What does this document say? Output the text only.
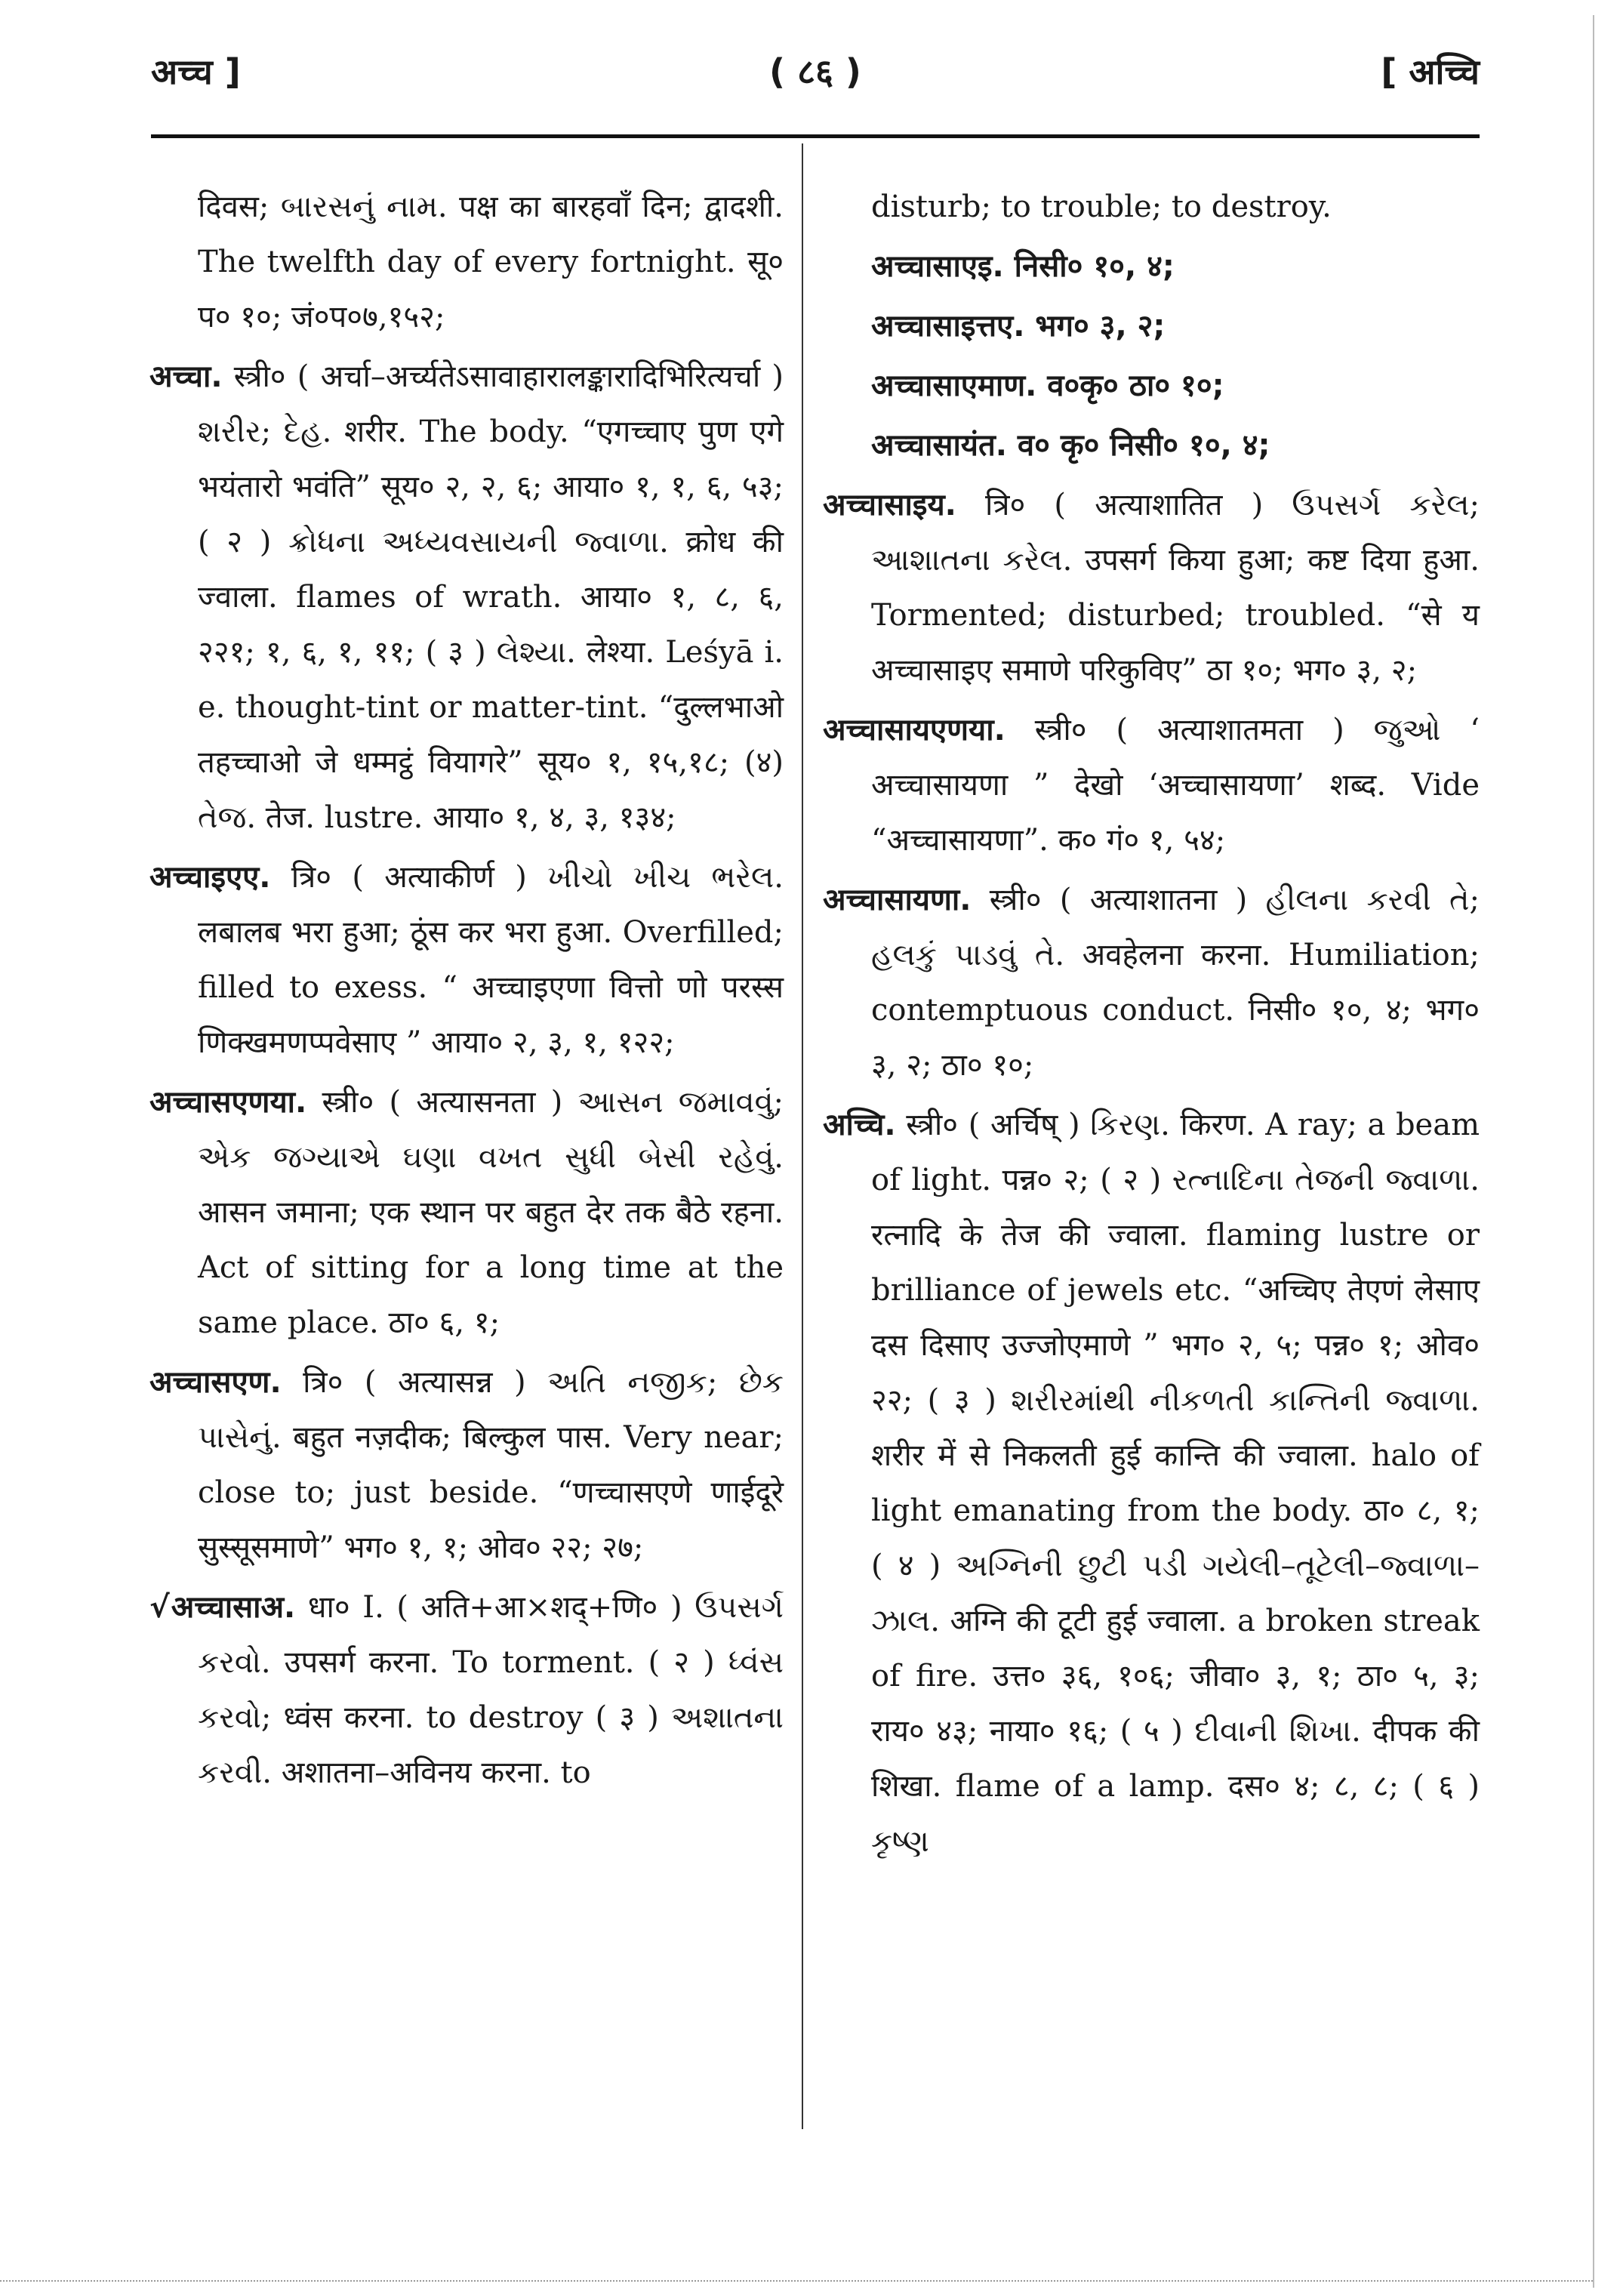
अच्च ]	( ८६ )	[ अच्चि

दिवस; બારસનું નામ. पक्ष का बारहवाँ दिन; द्वादशी. The twelfth day of every fortnight. सू० प० १०; जं०प०७,१५२;

अच्चा. स्त्री० ( अर्चा–अर्च्यतेऽसावाहारालङ्कारादिभिरित्यर्चा ) શરીર; દેહ. शरीर. The body. “एगच्चाए पुण एगे भयंतारो भवंति” सूय० २, २, ६; आया० १, १, ६, ५३; ( २ ) ક્રોધના અધ્યવસાયની જ્વાળા. क्रोध की ज्वाला. flames of wrath. आया० १, ८, ६, २२१; १, ६, १, ११; ( ३ ) લેશ્યા. लेश्या. Leśyā i. e. thought-tint or matter-tint. “दुल्लभाओ तहच्चाओ जे धम्मट्ठं वियागरे” सूय० १, १५,१८; (४) તેજ. तेज. lustre. आया० १, ४, ३, १३४;

अच्चाइएए. त्रि० ( अत्याकीर्ण ) ખીચો ખીચ ભરેલ. लबालब भरा हुआ; ठूंस कर भरा हुआ. Overfilled; filled to exess. “ अच्चाइएणा वित्तो णो परस्स णिक्खमणप्पवेसाए ” आया० २, ३, १, १२२;

अच्चासएणया. स्त्री० ( अत्यासनता ) આસન જમાવવું; એક જગ્યાએ ઘણા વખત સુધી બેસી રહેવું. आसन जमाना; एक स्थान पर बहुत देर तक बैठे रहना. Act of sitting for a long time at the same place. ठा० ६, १;

अच्चासएण. त्रि० ( अत्यासन्न ) અતિ નજીક; છેક પાસેનું. बहुत नज़दीक; बिल्कुल पास. Very near; close to; just beside. “णच्चासएणे णाईदूरे सुस्सूसमाणे” भग० १, १; ओव० २२; २७;

√अच्चासाअ. धा० I. ( अति+आ×शद्+णि० ) ઉપસર્ગ કરવો. उपसर्ग करना. To torment. ( २ ) ધ્વંસ કરવો; ध्वंस करना. to destroy ( ३ ) અશાતના કરવી. अशातना–अविनय करना. to

disturb; to trouble; to destroy.

अच्चासाएइ. निसी० १०, ४;

अच्चासाइत्तए. भग० ३, २;

अच्चासाएमाण. व०कृ० ठा० १०;

अच्चासायंत. व० कृ० निसी० १०, ४;

अच्चासाइय. त्रि० ( अत्याशातित ) ઉપસર્ગ કરેલ; આશાતના કરેલ. उपसर्ग किया हुआ; कष्ट दिया हुआ. Tormented; disturbed; troubled. “से य अच्चासाइए समाणे परिकुविए” ठा १०; भग० ३, २;

अच्चासायएणया. स्त्री० ( अत्याशातमता ) જુઓ ‘ अच्चासायणा ” देखो ‘अच्चासायणा’ शब्द. Vide “अच्चासायणा”. क० गं० १, ५४;

अच्चासायणा. स्त्री० ( अत्याशातना ) હીલના કરવી તે; હલકું પાડવું તે. अवहेलना करना. Humiliation; contemptuous conduct. निसी० १०, ४; भग० ३, २; ठा० १०;

अच्चि. स्त्री० ( अर्चिष् ) કિરણ. किरण. A ray; a beam of light. पन्न० २; ( २ ) રત્નાદિના તેજની જ્વાળા. रत्नादि के तेज की ज्वाला. flaming lustre or brilliance of jewels etc. “अच्चिए तेएणं लेसाए दस दिसाए उज्जोएमाणे ” भग० २, ५; पन्न० १; ओव० २२; ( ३ ) શરીરમાંથી નીકળતી કાન્તિની જ્વાળા. शरीर में से निकलती हुई कान्ति की ज्वाला. halo of light emanating from the body. ठा० ८, १; ( ४ ) અગ્નિની છુટી પડી ગયેલી–તૂટેલી–જ્વાળા–ઝાલ. अग्नि की टूटी हुई ज्वाला. a broken streak of fire. उत्त० ३६, १०६; जीवा० ३, १; ठा० ५, ३; राय० ४३; नाया० १६; ( ५ ) દીવાની શિખા. दीपक की शिखा. flame of a lamp. दस० ४; ८, ८; ( ६ ) કૃષ્ણ
